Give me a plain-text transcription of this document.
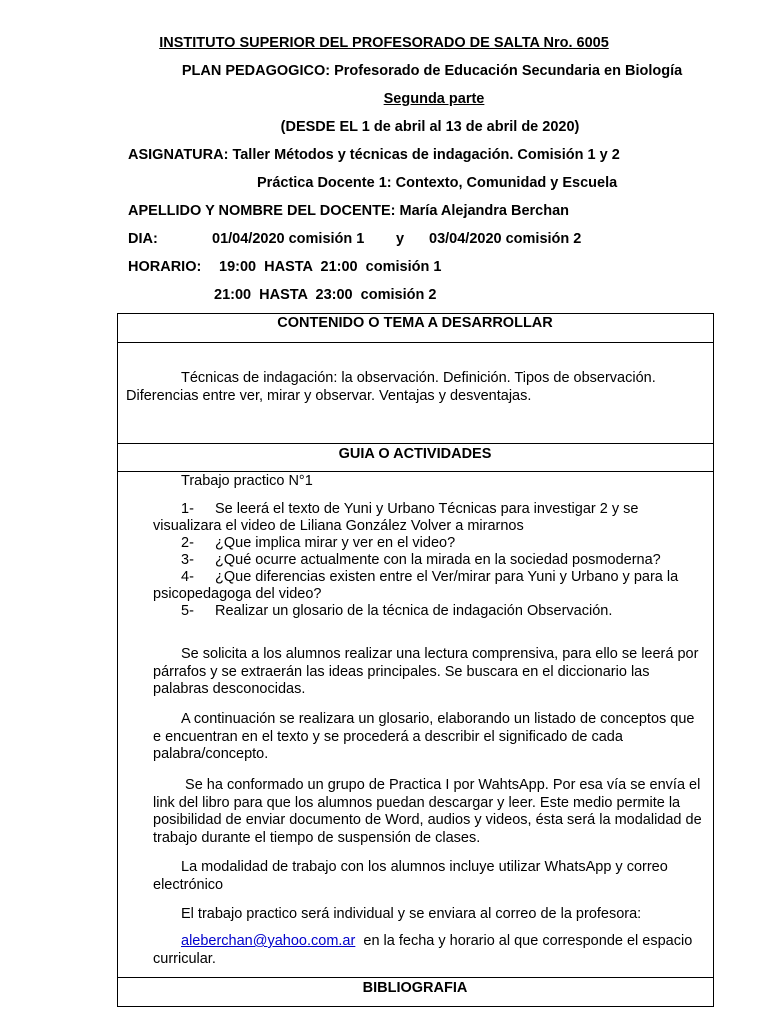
INSTITUTO SUPERIOR DEL PROFESORADO DE SALTA Nro. 6005
PLAN PEDAGOGICO: Profesorado de Educación Secundaria en Biología
Segunda parte
(DESDE EL 1 de abril al 13 de abril de 2020)
ASIGNATURA: Taller Métodos y técnicas de indagación. Comisión 1 y 2
Práctica Docente 1: Contexto, Comunidad y Escuela
APELLIDO Y NOMBRE DEL DOCENTE: María Alejandra Berchan
DIA:	01/04/2020 comisión 1	y	03/04/2020 comisión 2
HORARIO:	19:00  HASTA  21:00  comisión 1
21:00  HASTA  23:00  comisión 2
CONTENIDO O TEMA A DESARROLLAR
Técnicas de indagación: la observación. Definición. Tipos de observación. Diferencias entre ver, mirar y observar. Ventajas y desventajas.
GUIA O ACTIVIDADES
Trabajo practico N°1
1- Se leerá el texto de Yuni y Urbano Técnicas para investigar 2 y se visualizara el video de Liliana González Volver a mirarnos
2- ¿Que implica mirar y ver en el video?
3- ¿Qué ocurre actualmente con la mirada en la sociedad posmoderna?
4- ¿Que diferencias existen entre el Ver/mirar para Yuni y Urbano y para la psicopedagoga del video?
5- Realizar un glosario de la técnica de indagación Observación.
Se solicita a los alumnos realizar una lectura comprensiva, para ello se leerá por párrafos y se extraerán las ideas principales. Se buscara en el diccionario las palabras desconocidas.
A continuación se realizara un glosario, elaborando un listado de conceptos que e encuentran en el texto y se procederá a describir el significado de cada palabra/concepto.
Se ha conformado un grupo de Practica I por WahtsApp. Por esa vía se envía el link del libro para que los alumnos puedan descargar y leer. Este medio permite la posibilidad de enviar documento de Word, audios y videos, ésta será la modalidad de trabajo durante el tiempo de suspensión de clases.
La modalidad de trabajo con los alumnos incluye utilizar WhatsApp y correo electrónico
El trabajo practico será individual y se enviara al correo de la profesora:
aleberchan@yahoo.com.ar  en la fecha y horario al que corresponde el espacio curricular.
BIBLIOGRAFIA
